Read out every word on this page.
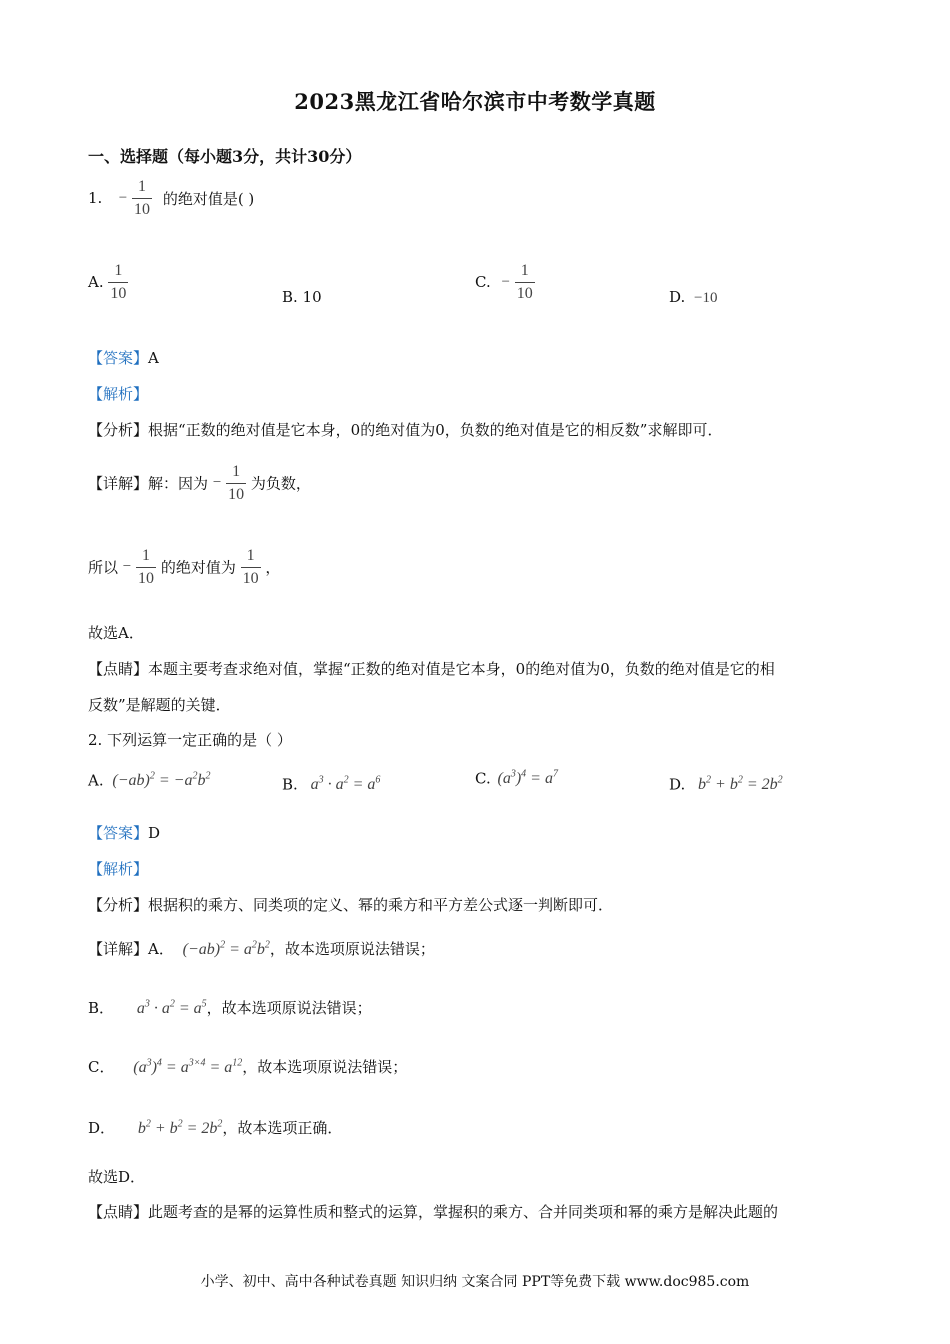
2023黑龙江省哈尔滨市中考数学真题
一、选择题（每小题3分，共计30分）
1. − $\frac{1}{10}$ 的绝对值是( )
A. $\frac{1}{10}$	B. 10
C. − $\frac{1}{10}$	D. −10
【答案】A
【解析】
【分析】根据“正数的绝对值是它本身，0的绝对值为0，负数的绝对值是它的相反数”求解即可．
【详解】解：因为 − $\frac{1}{10}$ 为负数，
所以 − $\frac{1}{10}$ 的绝对值为 $\frac{1}{10}$ ，
故选A．
【点睛】本题主要考查求绝对值，掌握“正数的绝对值是它本身，0的绝对值为0，负数的绝对值是它的相
反数”是解题的关键．
2. 下列运算一定正确的是（ ）
A. $(-ab)^2 = -a^2b^2$	B. $a^3 \cdot a^2 = a^6$	C. $(a^3)^4 = a^7$
D. $b^2 + b^2 = 2b^2$
【答案】D
【解析】
【分析】根据积的乘方、同类项的定义、幂的乘方和平方差公式逐一判断即可．
【详解】A． $(-ab)^2 = a^2b^2$，故本选项原说法错误；
B． $a^3 \cdot a^2 = a^5$，故本选项原说法错误；
C． $(a^3)^4 = a^{3\times 4} = a^{12}$，故本选项原说法错误；
D． $b^2 + b^2 = 2b^2$，故本选项正确．
故选D．
【点睛】此题考查的是幂的运算性质和整式的运算，掌握积的乘方、合并同类项和幂的乘方是解决此题的
小学、初中、高中各种试卷真题 知识归纳 文案合同 PPT等免费下载 www.doc985.com
